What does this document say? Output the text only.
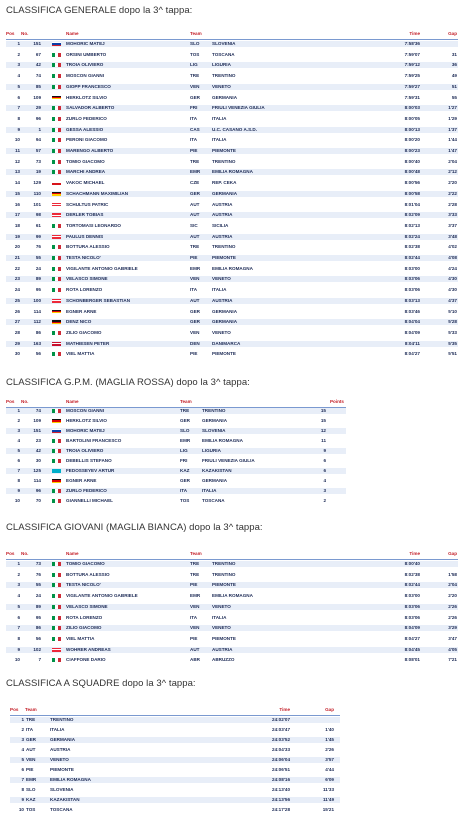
CLASSIFICA GENERALE dopo la 3^ tappa:
Pos	No.	Name	Team	Time	Gap
1	151	MOHORIC MATEJ	SLO	SLOVENIA	7:58'36
2	67	ORSINI UMBERTO	TOS	TOSCANA	7:59'07	31
3	42	TROIA OLIVIERO	LIG	LIGURIA	7:59'12	36
4	74	MOSCON GIANNI	TRE	TRENTINO	7:59'25	49
5	85	GIOPP FRANCESCO	VEN	VENETO	7:59'27	51
6	109	HERKLOTZ SILVIO	GER	GERMANIA	7:59'31	55
7	29	SALVADOR ALBERTO	FRI	FRIULI VENEZIA GIULIA	8:00'03	1'27
8	96	ZURLO FEDERICO	ITA	ITALIA	8:00'05	1'29
9	1	GESSA ALESSIO	CAS	U.C. CASANO A.S.D.	8:00'13	1'37
10	94	PERONI GIACOMO	ITA	ITALIA	8:00'20	1'44
11	57	MARENGO ALBERTO	PIE	PIEMONTE	8:00'23	1'47
12	73	TOMIO GIACOMO	TRE	TRENTINO	8:00'40	2'04
13	19	MARCHI ANDREA	EMR	EMILIA ROMAGNA	8:00'48	2'12
14	129	VAKOC MICHAEL	CZE	REP. CEKA	8:00'56	2'20
15	110	SCHACHMANN MAXIMILIAN	GER	GERMANIA	8:00'58	2'22
16	101	SCHULTUS PATRIC	AUT	AUSTRIA	8:01'04	2'28
17	98	DERLER TOBIAS	AUT	AUSTRIA	8:02'09	3'33
18	61	TORTOMASI LEONARDO	SIC	SICILIA	8:02'13	3'37
19	99	PAULUS DENNIS	AUT	AUSTRIA	8:02'24	3'48
20	76	BOTTURA ALESSIO	TRE	TRENTINO	8:02'38	4'02
21	55	TESTA NICOLO'	PIE	PIEMONTE	8:02'44	4'08
22	24	VIGILANTE ANTONIO GABRIELE	EMR	EMILIA ROMAGNA	8:03'00	4'24
23	89	VELASCO SIMONE	VEN	VENETO	8:03'06	4'30
24	95	ROTA LORENZO	ITA	ITALIA	8:03'06	4'30
25	100	SCHONBERGER SEBASTIAN	AUT	AUSTRIA	8:03'13	4'37
26	114	EGNER ARNE	GER	GERMANIA	8:03'46	5'10
27	112	DENZ NICO	GER	GERMANIA	8:04'04	5'28
28	86	ZILIO GIACOMO	VEN	VENETO	8:04'09	5'33
29	163	MATHIESEN PETER	DEN	DANIMARCA	8:04'11	5'35
30	56	VIEL MATTIA	PIE	PIEMONTE	8:04'27	5'51
CLASSIFICA G.P.M. (MAGLIA ROSSA) dopo la 3^ tappa:
Pos	No.	Name	Team	Points
1	74	MOSCON GIANNI	TRE	TRENTINO	15
2	109	HERKLOTZ SILVIO	GER	GERMANIA	15
3	151	MOHORIC MATEJ	SLO	SLOVENIA	12
4	23	BARTOLINI FRANCESCO	EMR	EMILIA ROMAGNA	11
5	42	TROIA OLIVIERO	LIG	LIGURIA	9
6	30	DEBELLIS STEFANO	FRI	FRIULI VENEZIA GIULIA	6
7	125	FEDOSSEYEV ARTUR	KAZ	KAZAKISTAN	6
8	114	EGNER ARNE	GER	GERMANIA	4
9	96	ZURLO FEDERICO	ITA	ITALIA	3
10	70	GIANNELLI MICHAEL	TOS	TOSCANA	2
CLASSIFICA GIOVANI (MAGLIA BIANCA) dopo la 3^ tappa:
Pos	No.	Name	Team	Time	Gap
1	73	TOMIO GIACOMO	TRE	TRENTINO	8:00'40
2	76	BOTTURA ALESSIO	TRE	TRENTINO	8:02'38	1'58
3	55	TESTA NICOLO'	PIE	PIEMONTE	8:02'44	2'04
4	24	VIGILANTE ANTONIO GABRIELE	EMR	EMILIA ROMAGNA	8:03'00	2'20
5	89	VELASCO SIMONE	VEN	VENETO	8:03'06	2'26
6	95	ROTA LORENZO	ITA	ITALIA	8:03'06	2'26
7	86	ZILIO GIACOMO	VEN	VENETO	8:04'09	3'29
8	56	VIEL MATTIA	PIE	PIEMONTE	8:04'27	3'47
9	102	WOHRER ANDREAS	AUT	AUSTRIA	8:04'45	4'05
10	7	CIAFFONE DARIO	ABR	ABRUZZO	8:08'01	7'21
CLASSIFICA A SQUADRE dopo la 3^ tappa:
Pos	Team	Time	Gap
1 TRE	TRENTINO	24:02'07
2 ITA	ITALIA	24:03'47	1'40
3 GER	GERMANIA	24:03'52	1'45
4 AUT	AUSTRIA	24:04'33	2'26
5 VEN	VENETO	24:06'04	3'57
6 PIE	PIEMONTE	24:06'51	4'44
7 EMR	EMILIA ROMAGNA	24:08'16	6'09
8 SLO	SLOVENIA	24:13'40	11'33
9 KAZ	KAZAKISTAN	24:13'56	11'49
10 TOS	TOSCANA	24:17'28	15'21
